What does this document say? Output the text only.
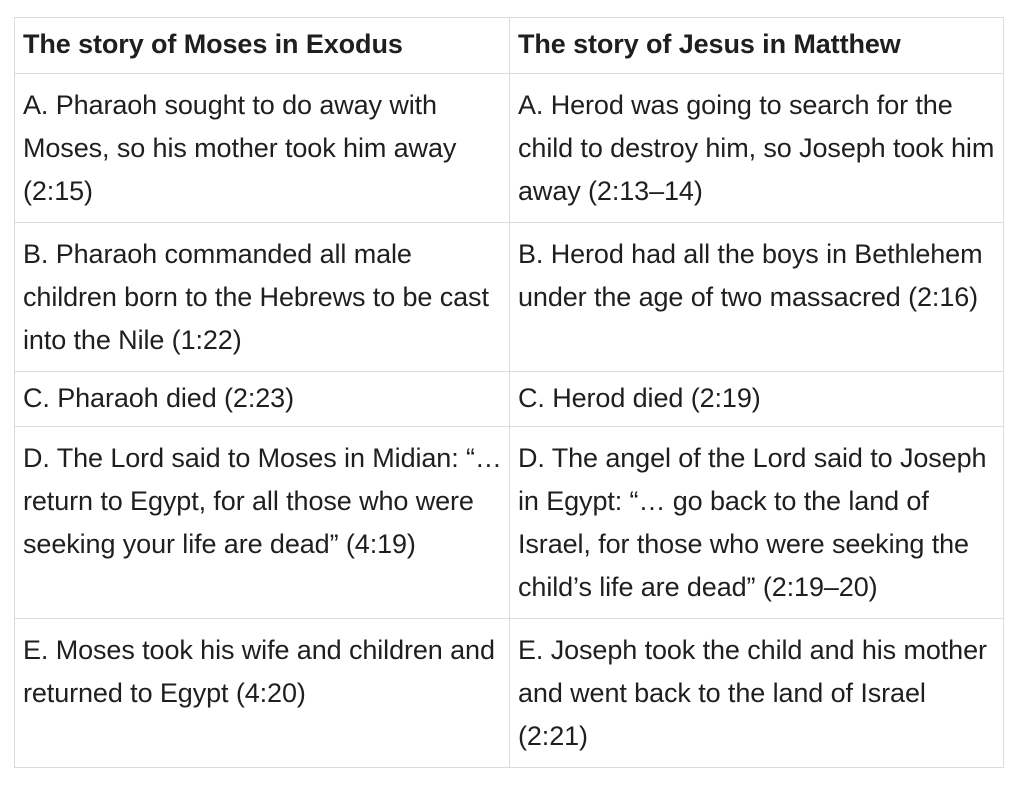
The story of Moses in Exodus	The story of Jesus in Matthew
A. Pharaoh sought to do away with Moses, so his mother took him away (2:15)	A. Herod was going to search for the child to destroy him, so Joseph took him away (2:13–14)
B. Pharaoh commanded all male children born to the Hebrews to be cast into the Nile (1:22)	B. Herod had all the boys in Bethlehem under the age of two massacred (2:16)
C. Pharaoh died (2:23)	C. Herod died (2:19)
D. The Lord said to Moses in Midian: “… return to Egypt, for all those who were seeking your life are dead” (4:19)	D. The angel of the Lord said to Joseph in Egypt: “… go back to the land of Israel, for those who were seeking the child’s life are dead” (2:19–20)
E. Moses took his wife and children and returned to Egypt (4:20)	E. Joseph took the child and his mother and went back to the land of Israel (2:21)
